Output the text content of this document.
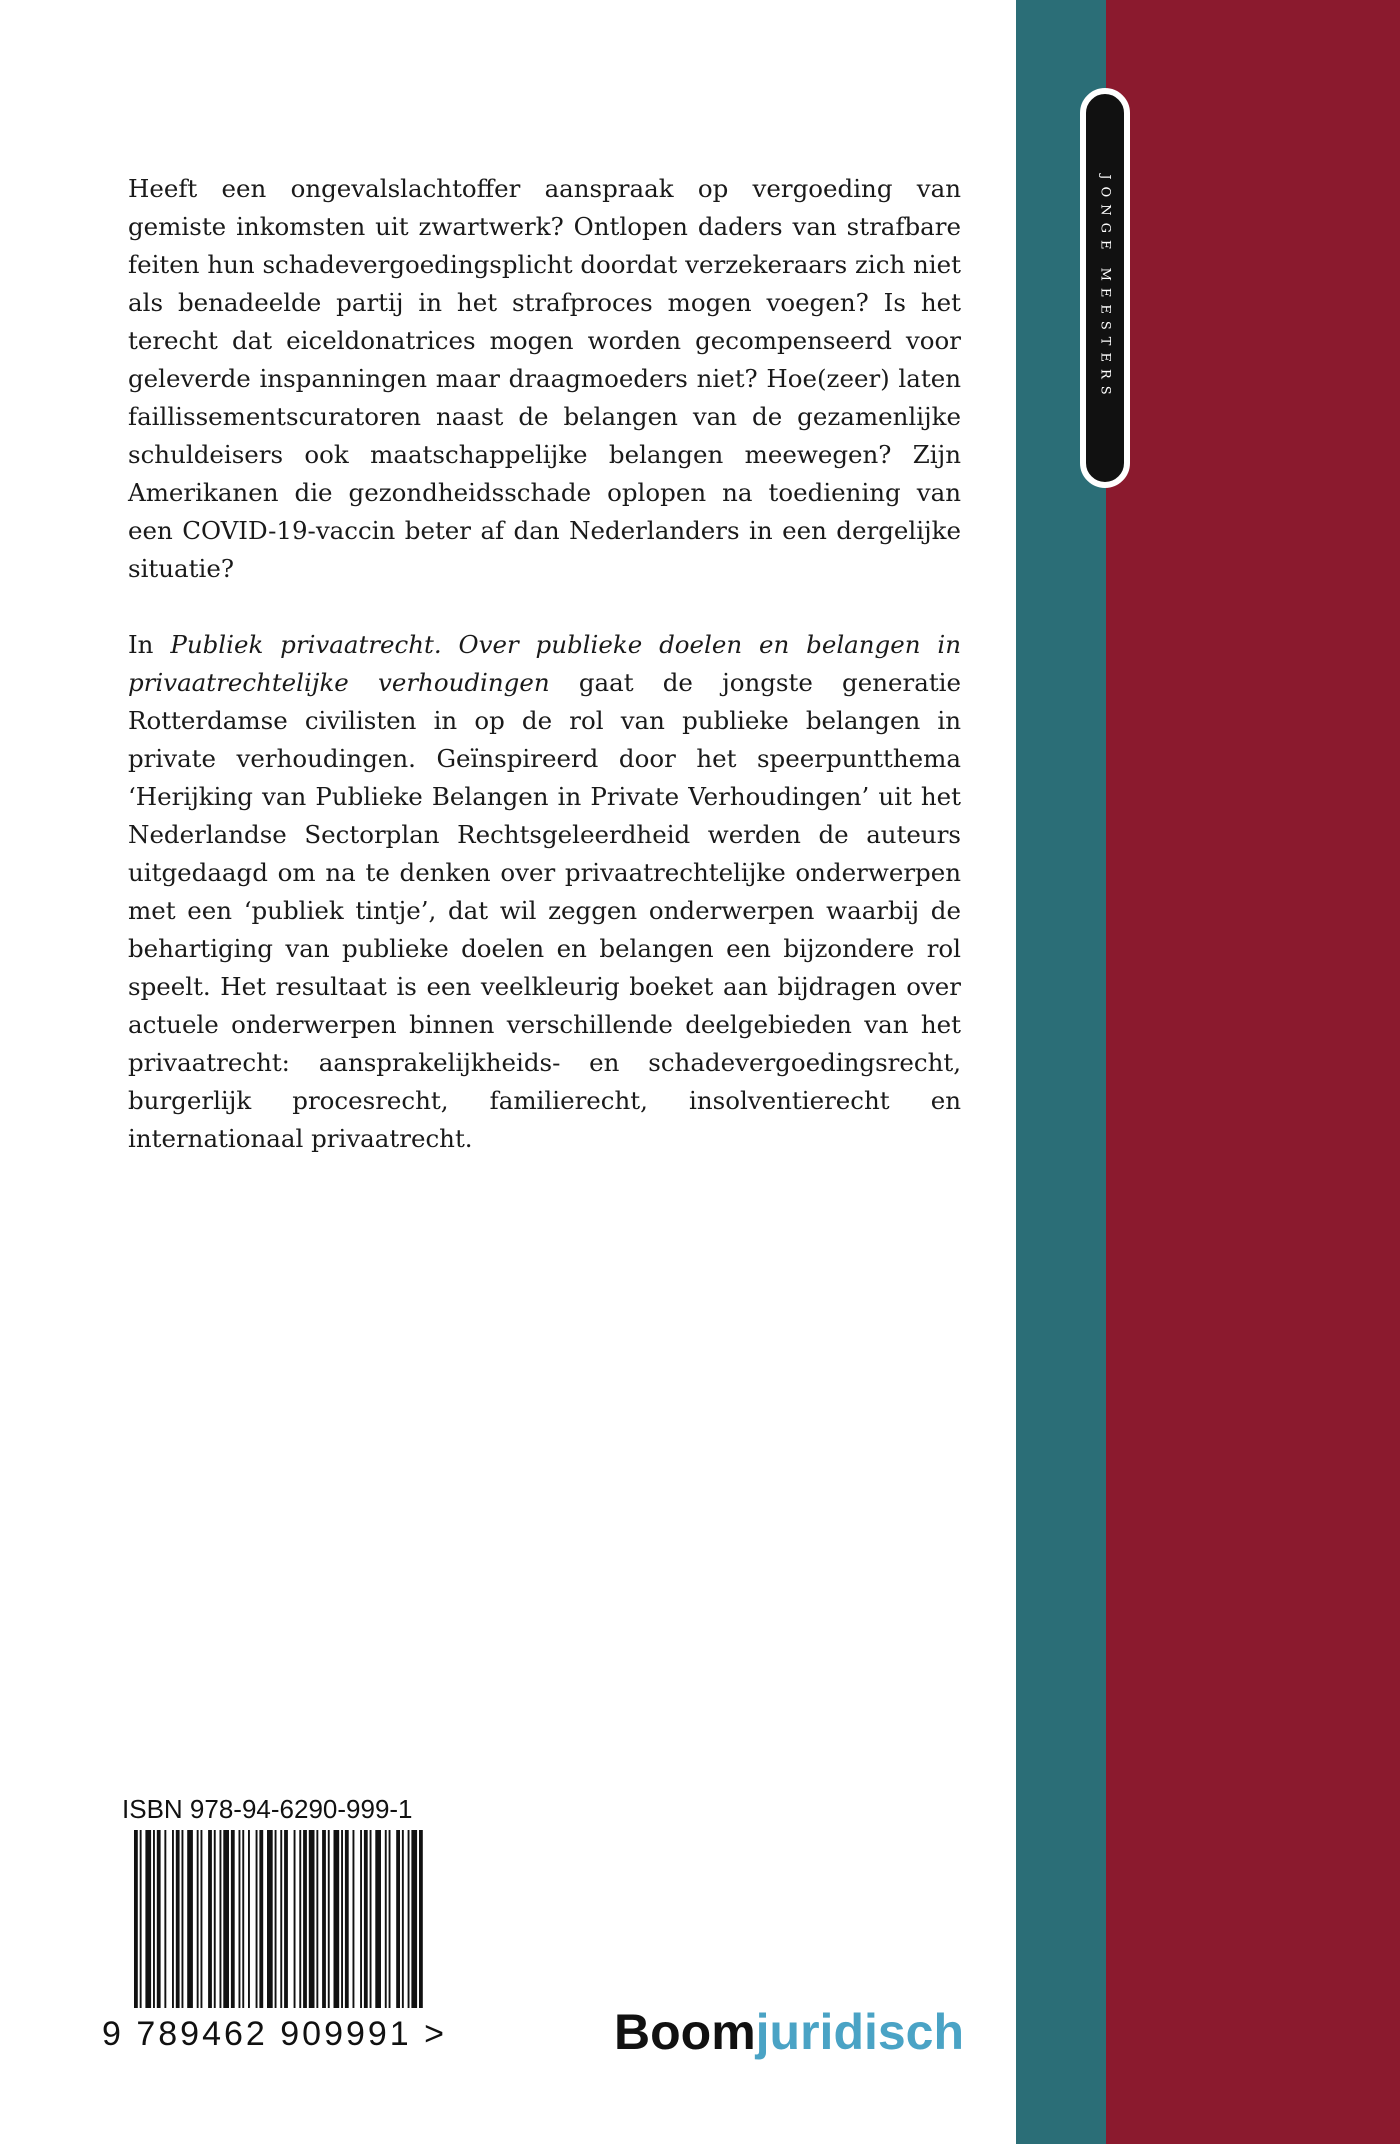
JONGE MEESTERS

Heeft een ongevalslachtoffer aanspraak op vergoeding van gemiste inkomsten uit zwartwerk? Ontlopen daders van strafbare feiten hun schadevergoedingsplicht doordat verzekeraars zich niet als benadeelde partij in het strafproces mogen voegen? Is het terecht dat eiceldonatrices mogen worden gecompenseerd voor geleverde inspanningen maar draagmoeders niet? Hoe(zeer) laten faillissementscuratoren naast de belangen van de gezamenlijke schuldeisers ook maatschappelijke belangen meewegen? Zijn Amerikanen die gezondheidsschade oplopen na toediening van een COVID-19-vaccin beter af dan Nederlanders in een dergelijke situatie?

In Publiek privaatrecht. Over publieke doelen en belangen in privaatrechtelijke verhoudingen gaat de jongste generatie Rotterdamse civilisten in op de rol van publieke belangen in private verhoudingen. Geïnspireerd door het speerpuntthema ‘Herijking van Publieke Belangen in Private Verhoudingen’ uit het Nederlandse Sectorplan Rechtsgeleerdheid werden de auteurs uitgedaagd om na te denken over privaatrechtelijke onderwerpen met een ‘publiek tintje’, dat wil zeggen onderwerpen waarbij de behartiging van publieke doelen en belangen een bijzondere rol speelt. Het resultaat is een veelkleurig boeket aan bijdragen over actuele onderwerpen binnen verschillende deelgebieden van het privaatrecht: aansprakelijkheids- en schadevergoedingsrecht, burgerlijk procesrecht, familierecht, insolventierecht en internationaal privaatrecht.

ISBN 978-94-6290-999-1
9 789462 909991 >	Boomjuridisch
